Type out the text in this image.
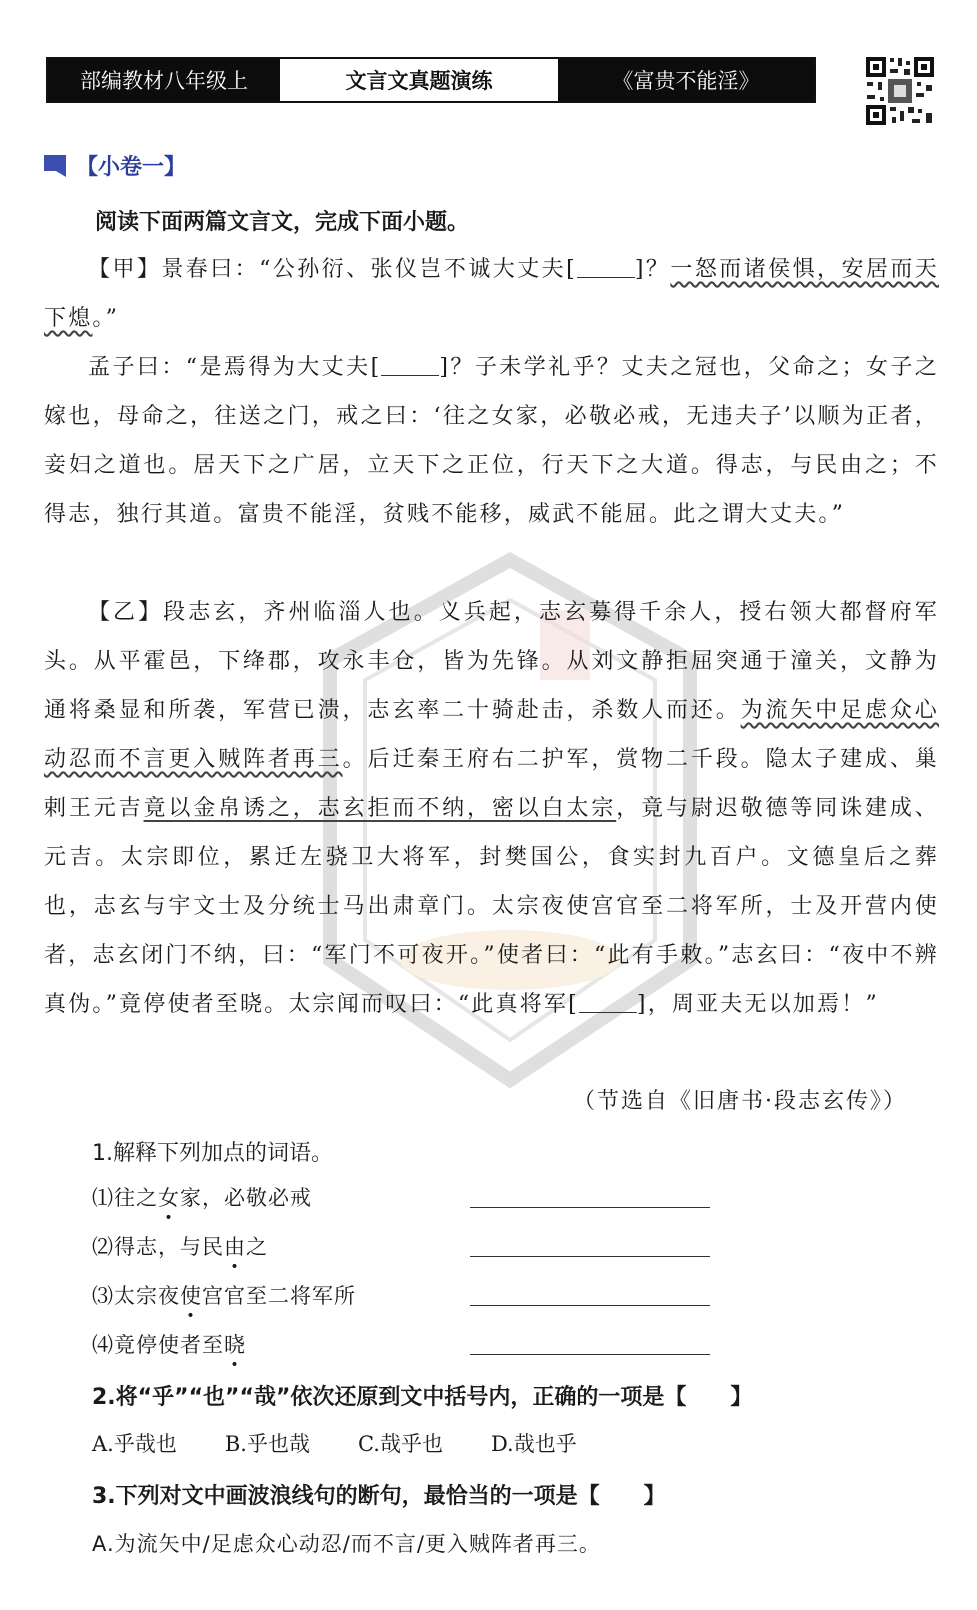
部编教材八年级上	文言文真题演练	《富贵不能淫》
【小卷一】
阅读下面两篇文言文，完成下面小题。

【甲】景春曰：“公孙衍、张仪岂不诚大丈夫[	]？一怒而诸侯惧，安居而天下熄。”

孟子曰：“是焉得为大丈夫[	]？子未学礼乎？丈夫之冠也，父命之；女子之嫁也，母命之，往送之门，戒之曰：‘往之女家，必敬必戒，无违夫子’以顺为正者，妾妇之道也。居天下之广居，立天下之正位，行天下之大道。得志，与民由之；不得志，独行其道。富贵不能淫，贫贱不能移，威武不能屈。此之谓大丈夫。”

【乙】段志玄，齐州临淄人也。义兵起，志玄募得千余人，授右领大都督府军头。从平霍邑，下绛郡，攻永丰仓，皆为先锋。从刘文静拒屈突通于潼关，文静为通将桑显和所袭，军营已溃，志玄率二十骑赴击，杀数人而还。为流矢中足虑众心动忍而不言更入贼阵者再三。后迁秦王府右二护军，赏物二千段。隐太子建成、巢剌王元吉竟以金帛诱之，志玄拒而不纳，密以白太宗，竟与尉迟敬德等同诛建成、元吉。太宗即位，累迁左骁卫大将军，封樊国公，食实封九百户。文德皇后之葬也，志玄与宇文士及分统士马出肃章门。太宗夜使宫官至二将军所，士及开营内使者，志玄闭门不纳，曰：“军门不可夜开。”使者曰：“此有手敕。”志玄曰：“夜中不辨真伪。”竟停使者至晓。太宗闻而叹曰：“此真将军[	]，周亚夫无以加焉！”

（节选自《旧唐书·段志玄传》）
1.解释下列加点的词语。
⑴往之女家，必敬必戒
⑵得志，与民由之
⑶太宗夜使宫官至二将军所
⑷竟停使者至晓
2.将“乎”“也”“哉”依次还原到文中括号内，正确的一项是【　　】
A.乎哉也 B.乎也哉 C.哉乎也 D.哉也乎
3.下列对文中画波浪线句的断句，最恰当的一项是【　　】
A.为流矢中/足虑众心动忍/而不言/更入贼阵者再三。
